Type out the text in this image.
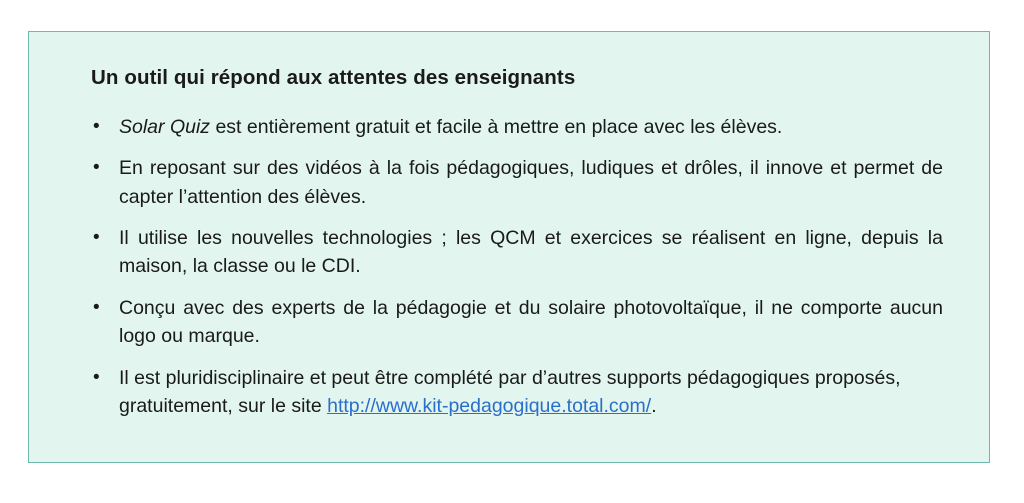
Un outil qui répond aux attentes des enseignants
• Solar Quiz est entièrement gratuit et facile à mettre en place avec les élèves.
• En reposant sur des vidéos à la fois pédagogiques, ludiques et drôles, il innove et permet de capter l’attention des élèves.
• Il utilise les nouvelles technologies ; les QCM et exercices se réalisent en ligne, depuis la maison, la classe ou le CDI.
• Conçu avec des experts de la pédagogie et du solaire photovoltaïque, il ne comporte aucun logo ou marque.
• Il est pluridisciplinaire et peut être complété par d’autres supports pédagogiques proposés, gratuitement, sur le site http://www.kit-pedagogique.total.com/.
